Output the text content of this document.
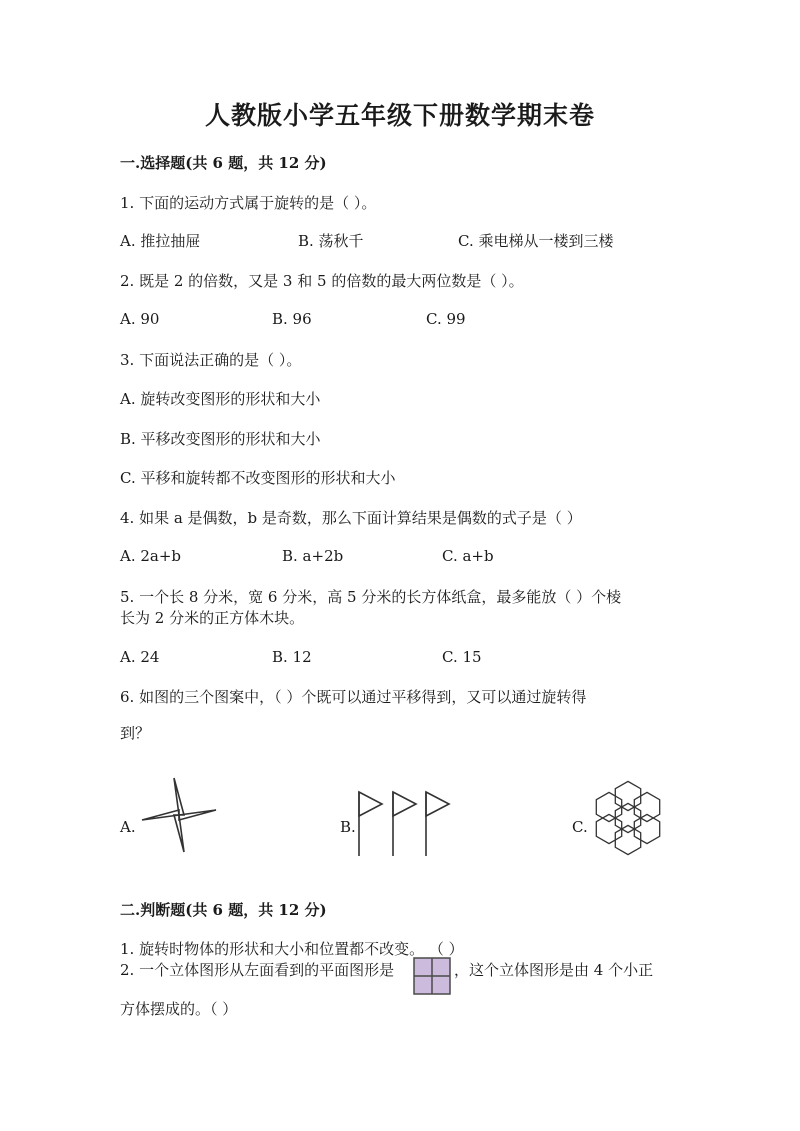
人教版小学五年级下册数学期末卷
一.选择题(共 6 题，共 12 分)
1. 下面的运动方式属于旋转的是（ ）。
A. 推拉抽屉	B. 荡秋千	C. 乘电梯从一楼到三楼
2. 既是 2 的倍数，又是 3 和 5 的倍数的最大两位数是（ ）。
A. 90	B. 96	C. 99
3. 下面说法正确的是（ ）。
A. 旋转改变图形的形状和大小
B. 平移改变图形的形状和大小
C. 平移和旋转都不改变图形的形状和大小
4. 如果 a 是偶数，b 是奇数，那么下面计算结果是偶数的式子是（ ）
A. 2a+b	B. a+2b	C. a+b
5. 一个长 8 分米，宽 6 分米，高 5 分米的长方体纸盒，最多能放（ ）个棱
长为 2 分米的正方体木块。
A. 24	B. 12	C. 15
6. 如图的三个图案中，（ ）个既可以通过平移得到，又可以通过旋转得
到？
A.	B.	C.
二.判断题(共 6 题，共 12 分)
1. 旋转时物体的形状和大小和位置都不改变。 （ ）
2. 一个立体图形从左面看到的平面图形是	，这个立体图形是由 4 个小正
方体摆成的。（ ）
